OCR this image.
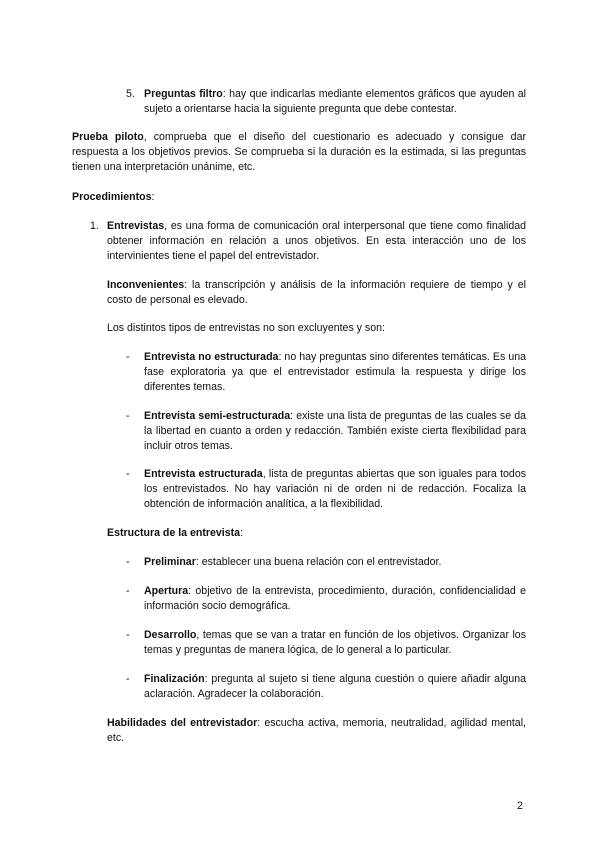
5. Preguntas filtro: hay que indicarlas mediante elementos gráficos que ayuden al sujeto a orientarse hacia la siguiente pregunta que debe contestar.

Prueba piloto, comprueba que el diseño del cuestionario es adecuado y consigue dar respuesta a los objetivos previos. Se comprueba si la duración es la estimada, si las preguntas tienen una interpretación unánime, etc.

Procedimientos:

1. Entrevistas, es una forma de comunicación oral interpersonal que tiene como finalidad obtener información en relación a unos objetivos. En esta interacción uno de los intervinientes tiene el papel del entrevistador.

Inconvenientes: la transcripción y análisis de la información requiere de tiempo y el costo de personal es elevado.

Los distintos tipos de entrevistas no son excluyentes y son:

- Entrevista no estructurada: no hay preguntas sino diferentes temáticas. Es una fase exploratoria ya que el entrevistador estimula la respuesta y dirige los diferentes temas.

- Entrevista semi-estructurada: existe una lista de preguntas de las cuales se da la libertad en cuanto a orden y redacción. También existe cierta flexibilidad para incluir otros temas.

- Entrevista estructurada, lista de preguntas abiertas que son iguales para todos los entrevistados. No hay variación ni de orden ni de redacción. Focaliza la obtención de información analítica, a la flexibilidad.

Estructura de la entrevista:

- Preliminar: establecer una buena relación con el entrevistador.

- Apertura: objetivo de la entrevista, procedimiento, duración, confidencialidad e información socio demográfica.

- Desarrollo, temas que se van a tratar en función de los objetivos. Organizar los temas y preguntas de manera lógica, de lo general a lo particular.

- Finalización: pregunta al sujeto si tiene alguna cuestión o quiere añadir alguna aclaración. Agradecer la colaboración.

Habilidades del entrevistador: escucha activa, memoria, neutralidad, agilidad mental, etc.

2
